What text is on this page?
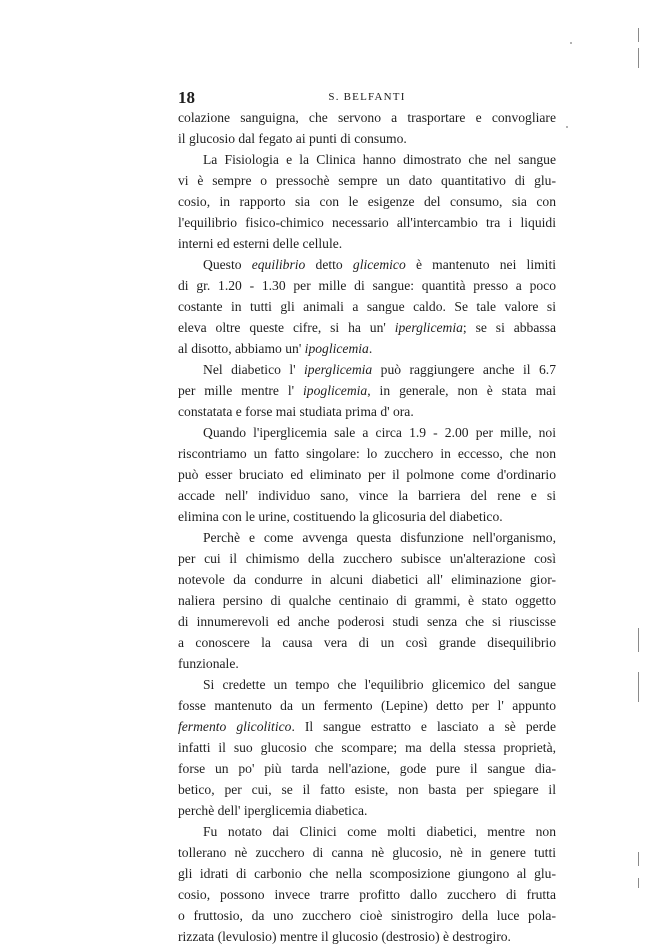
18	S. BELFANTI
colazione sanguigna, che servono a trasportare e convogliare
il glucosio dal fegato ai punti di consumo.
La Fisiologia e la Clinica hanno dimostrato che nel sangue
vi è sempre o pressochè sempre un dato quantitativo di glu-
cosio, in rapporto sia con le esigenze del consumo, sia con
l'equilibrio fisico-chimico necessario all'intercambio tra i liquidi
interni ed esterni delle cellule.
Questo equilibrio detto glicemico è mantenuto nei limiti
di gr. 1.20 - 1.30 per mille di sangue: quantità presso a poco
costante in tutti gli animali a sangue caldo. Se tale valore si
eleva oltre queste cifre, si ha un' iperglicemia; se si abbassa
al disotto, abbiamo un' ipoglicemia.
Nel diabetico l' iperglicemia può raggiungere anche il 6.7
per mille mentre l' ipoglicemia, in generale, non è stata mai
constatata e forse mai studiata prima d' ora.
Quando l'iperglicemia sale a circa 1.9 - 2.00 per mille, noi
riscontriamo un fatto singolare: lo zucchero in eccesso, che non
può esser bruciato ed eliminato per il polmone come d'ordinario
accade nell' individuo sano, vince la barriera del rene e si
elimina con le urine, costituendo la glicosuria del diabetico.
Perchè e come avvenga questa disfunzione nell'organismo,
per cui il chimismo della zucchero subisce un'alterazione così
notevole da condurre in alcuni diabetici all' eliminazione gior-
naliera persino di qualche centinaio di grammi, è stato oggetto
di innumerevoli ed anche poderosi studi senza che si riuscisse
a conoscere la causa vera di un così grande disequilibrio
funzionale.
Si credette un tempo che l'equilibrio glicemico del sangue
fosse mantenuto da un fermento (Lepine) detto per l' appunto
fermento glicolitico. Il sangue estratto e lasciato a sè perde
infatti il suo glucosio che scompare; ma della stessa proprietà,
forse un po' più tarda nell'azione, gode pure il sangue dia-
betico, per cui, se il fatto esiste, non basta per spiegare il
perchè dell' iperglicemia diabetica.
Fu notato dai Clinici come molti diabetici, mentre non
tollerano nè zucchero di canna nè glucosio, nè in genere tutti
gli idrati di carbonio che nella scomposizione giungono al glu-
cosio, possono invece trarre profitto dallo zucchero di frutta
o fruttosio, da uno zucchero cioè sinistrogiro della luce pola-
rizzata (levulosio) mentre il glucosio (destrosio) è destrogiro.
